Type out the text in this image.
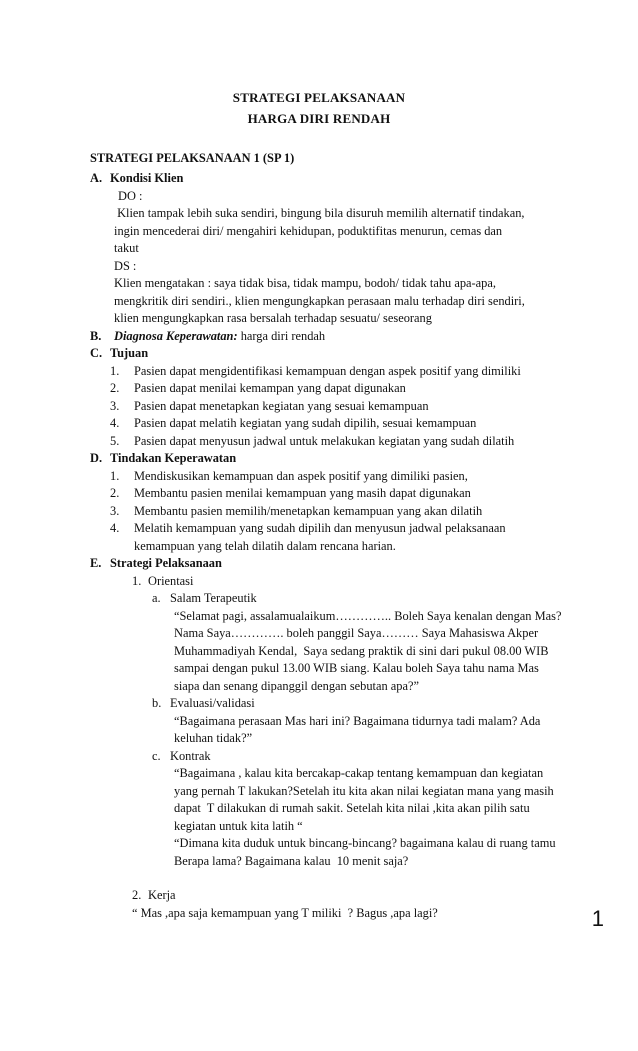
STRATEGI PELAKSANAAN
HARGA DIRI RENDAH
STRATEGI PELAKSANAAN 1 (SP 1)
A. Kondisi Klien

DO :

Klien tampak lebih suka sendiri, bingung bila disuruh memilih alternatif tindakan,

ingin mencederai diri/ mengahiri kehidupan, poduktifitas menurun, cemas dan

takut

DS :

Klien mengatakan : saya tidak bisa, tidak mampu, bodoh/ tidak tahu apa-apa,

mengkritik diri sendiri., klien mengungkapkan perasaan malu terhadap diri sendiri,

klien mengungkapkan rasa bersalah terhadap sesuatu/ seseorang

B.	Diagnosa Keperawatan: harga diri rendah
C. Tujuan
1. Pasien dapat mengidentifikasi kemampuan dengan aspek positif yang dimiliki
2. Pasien dapat menilai kemampan yang dapat digunakan
3. Pasien dapat menetapkan kegiatan yang sesuai kemampuan
4. Pasien dapat melatih kegiatan yang sudah dipilih, sesuai kemampuan
5. Pasien dapat menyusun jadwal untuk melakukan kegiatan yang sudah dilatih
D. Tindakan Keperawatan
1. Mendiskusikan kemampuan dan aspek positif yang dimiliki pasien,
2. Membantu pasien menilai kemampuan yang masih dapat digunakan
3. Membantu pasien memilih/menetapkan kemampuan yang akan dilatih
4. Melatih kemampuan yang sudah dipilih dan menyusun jadwal pelaksanaan kemampuan yang telah dilatih dalam rencana harian.
E. Strategi Pelaksanaan
1. Orientasi
a. Salam Terapeutik

“Selamat pagi, assalamualaikum………….. Boleh Saya kenalan dengan Mas?

Nama Saya…………. boleh panggil Saya……… Saya Mahasiswa Akper

Muhammadiyah Kendal,  Saya sedang praktik di sini dari pukul 08.00 WIB

sampai dengan pukul 13.00 WIB siang. Kalau boleh Saya tahu nama Mas

siapa dan senang dipanggil dengan sebutan apa?”

b. Evaluasi/validasi

“Bagaimana perasaan Mas hari ini? Bagaimana tidurnya tadi malam? Ada

keluhan tidak?”

c. Kontrak

“Bagaimana , kalau kita bercakap-cakap tentang kemampuan dan kegiatan

yang pernah T lakukan?Setelah itu kita akan nilai kegiatan mana yang masih

dapat  T dilakukan di rumah sakit. Setelah kita nilai ,kita akan pilih satu

kegiatan untuk kita latih “

“Dimana kita duduk untuk bincang-bincang? bagaimana kalau di ruang tamu

Berapa lama? Bagaimana kalau  10 menit saja?

2. Kerja
“ Mas ,apa saja kemampuan yang T miliki  ? Bagus ,apa lagi?	1
